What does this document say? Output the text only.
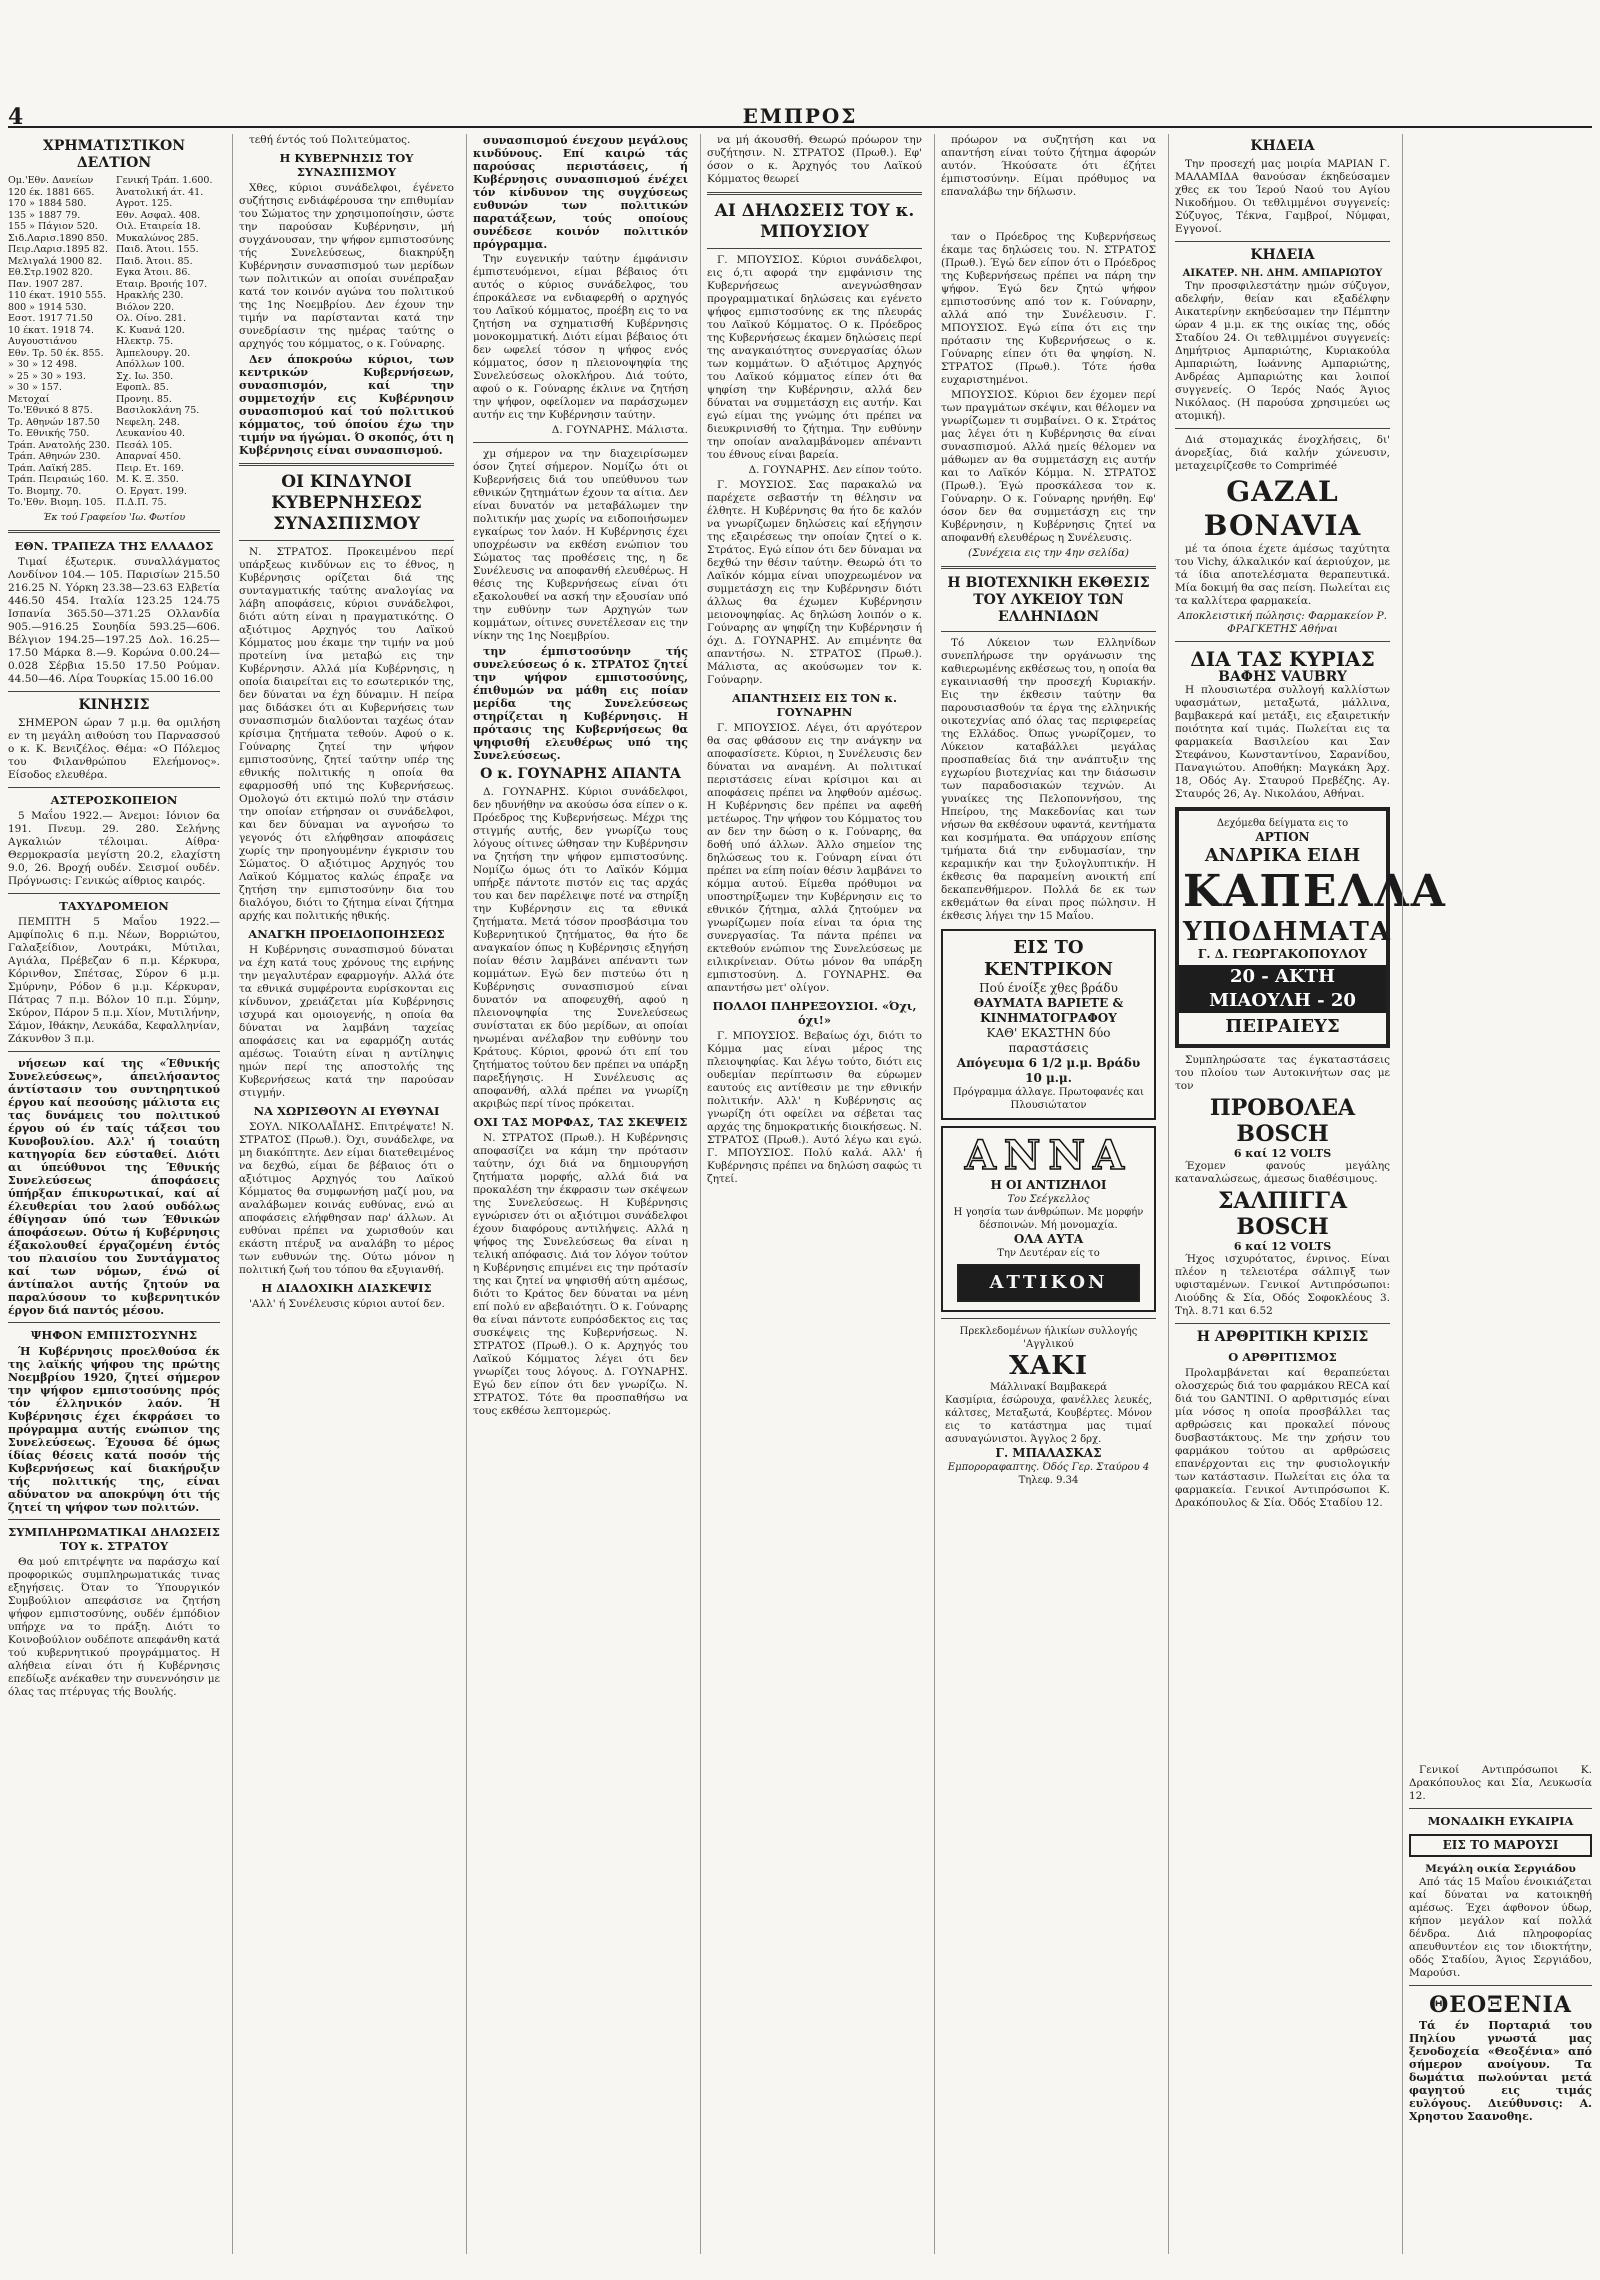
4	ΕΜΠΡΟΣ
ΧΡΗΜΑΤΙΣΤΙΚΟΝ ΔΕΛΤΙΟΝ
Ομ.'Εθν. Δανείων	Γενική Τράπ. 1.600.
120 έκ. 1881 665.	Άνατολική άτ. 41.
170 » 1884 580.	Αγροτ. 125.
135 » 1887 79.	Εθν. Ασφαλ. 408.
155 » Πάγιον 520.	Οιλ. Εταιρεία 18.
Σιδ.Λαρισ.1890 850. Μυκαλώνος 285.
Πειρ.Λαρισ.1895 82. Παιδ. Άτοιι. 155.
Μελιγαλά 1900 82.	Παιδ. Άτοιι. 85.
Εθ.Στρ.1902 820.	Εγκα Άτοιι. 86.
Παν. 1907 287.	Εταιρ. Βροιής 107.
110 έκατ. 1910 555.	Ηρακλής 230.
800 » 1914 530.	Βιόλον 220.
Εσοτ. 1917 71.50	Ολ. Οίνο. 281.
10 έκατ. 1918 74.	Κ. Κυανά 120.
Αυγουστιάνου	Ηλεκτρ. 75.
Εθν. Τρ. 50 έκ. 855.	Άμπελουργ. 20.
» 30 » 12 498.	Απόλλων 100.
» 25 » 30 » 193.	Σχ. Ιω. 350.
» 30 » 157.	Εφοπλ. 85.
Μετοχαί	Προνηι. 85.
Το.'Εθνικό 8 875.	Βασιλοκλάνη 75.
Τρ. Αθηνών 187.50	Νεφελη. 248.
Το. Εθνικής 750.	Λευκανίου 40.
Τράπ. Ανατολής 230. Πεσάλ 105.
Τράπ. Αθηνών 230.	Απαρναί 450.
Τράπ. Λαϊκή 285.	Πειρ. Ετ. 169.
Τράπ. Πειραιώς 160. Μ. Κ. Ξ. 350.
Το. Βιομηχ. 70.	Ο. Εργατ. 199.
Το.'Εθν. Βιομη. 105.	Π.Δ.Π. 75.
Έκ τού Γραφείου 'Ιω. Φωτίου
ΕΘΝ. ΤΡΑΠΕΖΑ ΤΗΣ ΕΛΛΑΔΟΣ

Τιμαί έξωτερικ. συναλλάγματος Λονδίνον 104.— 105. Παρισίων 215.50 216.25 Ν. Υόρκη 23.38—23.63 Ελβετία 446.50 454. Ιταλία 123.25 124.75 Ισπανία 365.50—371.25 Ολλανδία 905.—916.25 Σουηδία 593.25—606. Βέλγιον 194.25—197.25 Δολ. 16.25—17.50 Μάρκα 8.—9. Κορώνα 0.00.24—0.028 Σέρβια 15.50 17.50 Ρούμαν. 44.50—46. Λίρα Τουρκίας 15.00 16.00

ΚΙΝΗΣΙΣ

ΣΗΜΕΡΟΝ ώραν 7 μ.μ. θα ομιλήση εν τη μεγάλη αιθούση του Παρνασσού ο κ. Κ. Βενιζέλος. Θέμα: «Ο Πόλεμος του Φιλανθρώπου Ελεήμονος». Είσοδος ελευθέρα.

ΑΣΤΕΡΟΣΚΟΠΕΙΟΝ

5 Μαΐου 1922.— Άνεμοι: Ιόνιον 6α 191. Πνευμ. 29. 280. Σελήνης Αγκαλιών τέλοιμαι. Αίθρα· Θερμοκρασία μεγίστη 20.2, ελαχίστη 9.0, 26. Βροχή ουδέν. Σεισμοί ουδέν. Πρόγνωσις: Γενικώς αίθριος καιρός.

ΤΑΧΥΔΡΟΜΕΙΟΝ

ΠΕΜΠΤΗ 5 Μαΐου 1922.— Αμφίπολις 6 π.μ. Νέων, Βορριώτου, Γαλαξείδιον, Λουτράκι, Μύτιλαι, Αγιάλα, Πρέβεζαν 6 π.μ. Κέρκυρα, Κόρινθον, Σπέτσας, Σύρον 6 μ.μ. Σμύρνην, Ρόδον 6 μ.μ. Κέρκυραν, Πάτρας 7 π.μ. Βόλον 10 π.μ. Σύμην, Σκύρον, Πάρον 5 π.μ. Χίον, Μυτιλήνην, Σάμον, Ιθάκην, Λευκάδα, Κεφαλληνίαν, Ζάκυνθον 3 π.μ.

νήσεων καί της «Έθνικής Συνελεύσεως», άπειλήσαντος άντίστασιν του συντηρητικού έργου καί πεσούσης μάλιστα εις τας δυνάμεις του πολιτικού έργου ού έν ταίς τάξεσι του Κυνοβουλίου. Αλλ' ή τοιαύτη κατηγορία δεν εύσταθεί. Διότι αι ύπεύθυνοι της Έθνικής Συνελεύσεως άποφάσεις ύπήρξαν έπικυρωτικαί, καί αί έλευθερίαι του λαού ουδόλως έθίγησαν ύπό των Έθνικών άποφάσεων. Ούτω ή Κυβέρνησις έξακολουθεί έργαζομένη έντός του πλαισίου του Συντάγματος καί των νόμων, ένώ οί άντίπαλοι αυτής ζητούν να παραλύσουν το κυβερνητικόν έργον διά παντός μέσου.

ΨΗΦΟΝ ΕΜΠΙΣΤΟΣΥΝΗΣ

Ή Κυβέρνησις προελθούσα έκ της λαϊκής ψήφου της πρώτης Νοεμβρίου 1920, ζητεί σήμερον την ψήφον εμπιστοσύνης πρός τόν έλληνικόν λαόν. Ή Κυβέρνησις έχει έκφράσει το πρόγραμμα αυτής ενώπιον της Συνελεύσεως. Έχουσα δέ όμως ίδίας θέσεις κατά ποσόν τής Κυβερνήσεως καί διακήρυξιν τής πολιτικής της, είναι αδύνατον να αποκρύψη ότι τής ζητεί τη ψήφον των πολιτών.

ΣΥΜΠΛΗΡΩΜΑΤΙΚΑΙ ΔΗΛΩΣΕΙΣ ΤΟΥ κ. ΣΤΡΑΤΟΥ

Θα μού επιτρέψητε να παράσχω καί προφορικώς συμπληρωματικάς τινας εξηγήσεις. Όταν το Ύπουργικόν Συμβούλιον απεφάσισε να ζητήση ψήφον εμπιστοσύνης, ουδέν έμπόδιον υπήρχε να το πράξη. Διότι το Κοινοβούλιον ουδέποτε απεφάνθη κατά τού κυβερνητικού προγράμματος. Η αλήθεια είναι ότι ή Κυβέρνησις επεδίωξε ανέκαθεν την συνεννόησιν με όλας τας πτέρυγας τής Βουλής.

τεθή έντός τού Πολιτεύματος.

Η ΚΥΒΕΡΝΗΣΙΣ ΤΟΥ ΣΥΝΑΣΠΙΣΜΟΥ

Χθες, κύριοι συνάδελφοι, έγένετο συζήτησις ενδιάφέρουσα την επιθυμίαν του Σώματος την χρησιμοποίησιν, ώστε την παρούσαν Κυβέρνησιν, μή συγχάνουσαν, την ψήφον εμπιστοσύνης τής Συνελεύσεως, διακηρύξη Κυβέρνησιν συνασπισμού των μερίδων των πολιτικών αι οποίαι συνέπραξαν κατά τον κοινόν αγώνα του πολιτικού της 1ης Νοεμβρίου. Δεν έχουν την τιμήν να παρίστανται κατά την συνεδρίασιν της ημέρας ταύτης ο αρχηγός του κόμματος, ο κ. Γούναρης.

Δεν άποκρούω κύριοι, των κεντρικών Κυβερνήσεων, συνασπισμόν, καί την συμμετοχήν εις Κυβέρνησιν συνασπισμού καί τού πολιτικού κόμματος, τού όποίου έχω την τιμήν να ήγώμαι. Ό σκοπός, ότι η Κυβέρνησις είναι συνασπισμού.

ΟΙ ΚΙΝΔΥΝΟΙ ΚΥΒΕΡΝΗΣΕΩΣ ΣΥΝΑΣΠΙΣΜΟΥ

Ν. ΣΤΡΑΤΟΣ. Προκειμένου περί υπάρξεως κινδύνων εις το έθνος, η Κυβέρνησις ορίζεται διά της συνταγματικής ταύτης αναλογίας να λάβη αποφάσεις, κύριοι συνάδελφοι, διότι αύτη είναι η πραγματικότης. Ο αξιότιμος Αρχηγός του Λαϊκού Κόμματος μου έκαμε την τιμήν να μού προτείνη ίνα μεταβώ εις την Κυβέρνησιν. Αλλά μία Κυβέρνησις, η οποία διαιρείται εις το εσωτερικόν της, δεν δύναται να έχη δύναμιν. Η πείρα μας διδάσκει ότι αι Κυβερνήσεις των συνασπισμών διαλύονται ταχέως όταν κρίσιμα ζητήματα τεθούν. Αφού ο κ. Γούναρης ζητεί την ψήφον εμπιστοσύνης, ζητεί ταύτην υπέρ της εθνικής πολιτικής η οποία θα εφαρμοσθή υπό της Κυβερνήσεως. Ομολογώ ότι εκτιμώ πολύ την στάσιν την οποίαν ετήρησαν οι συνάδελφοι, και δεν δύναμαι να αγνοήσω το γεγονός ότι ελήφθησαν αποφάσεις χωρίς την προηγουμένην έγκρισιν του Σώματος. Ό αξιότιμος Αρχηγός του Λαϊκού Κόμματος καλώς έπραξε να ζητήση την εμπιστοσύνην δια του διαλόγου, διότι το ζήτημα είναι ζήτημα αρχής και πολιτικής ηθικής.

ΑΝΑΓΚΗ ΠΡΟΕΙΔΟΠΟΙΗΣΕΩΣ

Η Κυβέρνησις συνασπισμού δύναται να έχη κατά τους χρόνους της ειρήνης την μεγαλυτέραν εφαρμογήν. Αλλά ότε τα εθνικά συμφέροντα ευρίσκονται εις κίνδυνον, χρειάζεται μία Κυβέρνησις ισχυρά και ομοιογενής, η οποία θα δύναται να λαμβάνη ταχείας αποφάσεις και να εφαρμόζη αυτάς αμέσως. Τοιαύτη είναι η αντίληψις ημών περί της αποστολής της Κυβερνήσεως κατά την παρούσαν στιγμήν.

ΝΑ ΧΩΡΙΣΘΟΥΝ ΑΙ ΕΥΘΥΝΑΙ

ΣΟΥΛ. ΝΙΚΟΛΑΪΔΗΣ. Επιτρέψατε! Ν. ΣΤΡΑΤΟΣ (Πρωθ.). Όχι, συνάδελφε, να μη διακόπτητε. Δεν είμαι διατεθειμένος να δεχθώ, είμαι δε βέβαιος ότι ο αξιότιμος Αρχηγός του Λαϊκού Κόμματος θα συμφωνήση μαζί μου, να αναλάβωμεν κοινάς ευθύνας, ενώ αι αποφάσεις ελήφθησαν παρ' άλλων. Αι ευθύναι πρέπει να χωρισθούν και εκάστη πτέρυξ να αναλάβη το μέρος των ευθυνών της. Ούτω μόνον η πολιτική ζωή του τόπου θα εξυγιανθή.

Η ΔΙΑΔΟΧΙΚΗ ΔΙΑΣΚΕΨΙΣ

'Αλλ' ή Συνέλευσις κύριοι αυτοί δεν.

συνασπισμού ένεχουν μεγάλους κινδύνους. Επί καιρώ τάς παρούσας περιστάσεις, ή Κυβέρνησις συνασπισμού ένέχει τόν κίνδυνον της συγχύσεως ευθυνών των πολιτικών παρατάξεων, τούς οποίους συνέδεσε κοινόν πολιτικόν πρόγραμμα.

Την ευγενικήν ταύτην έμφάνισιν έμπιστευόμενοι, είμαι βέβαιος ότι αυτός ο κύριος συνάδελφος, του έπροκάλεσε να ενδιαφερθή ο αρχηγός του Λαϊκού κόμματος, προέβη εις το να ζητήση να σχηματισθή Κυβέρνησις μονοκομματική. Διότι είμαι βέβαιος ότι δεν ωφελεί τόσον η ψήφος ενός κόμματος, όσον η πλειονοψηφία της Συνελεύσεως ολοκλήρου. Διά τούτο, αφού ο κ. Γούναρης έκλινε να ζητήση την ψήφον, οφείλομεν να παράσχωμεν αυτήν εις την Κυβέρνησιν ταύτην.

Δ. ΓΟΥΝΑΡΗΣ. Μάλιστα.

χμ σήμερον να την διαχειρίσωμεν όσον ζητεί σήμερον. Νομίζω ότι οι Κυβερνήσεις διά του υπεύθυνου των εθνικών ζητημάτων έχουν τα αίτια. Δεν είναι δυνατόν να μεταβάλωμεν την πολιτικήν μας χωρίς να ειδοποιήσωμεν εγκαίρως τον λαόν. Η Κυβέρνησις έχει υποχρέωσιν να εκθέση ενώπιον του Σώματος τας προθέσεις της, η δε Συνέλευσις να αποφανθή ελευθέρως. Η θέσις της Κυβερνήσεως είναι ότι εξακολουθεί να ασκή την εξουσίαν υπό την ευθύνην των Αρχηγών των κομμάτων, οίτινες συνετέλεσαν εις την νίκην της 1ης Νοεμβρίου.

την έμπιστοσύνην τής συνελεύσεως ό κ. ΣΤΡΑΤΟΣ ζητεί την ψήφον εμπιστοσύνης, έπιθυμών να μάθη εις ποίαν μερίδα της Συνελεύσεως στηρίζεται η Κυβέρνησις. Η πρότασις της Κυβερνήσεως θα ψηφισθή ελευθέρως υπό της Συνελεύσεως.

Ο κ. ΓΟΥΝΑΡΗΣ ΑΠΑΝΤΑ

Δ. ΓΟΥΝΑΡΗΣ. Κύριοι συνάδελφοι, δεν ηδυνήθην να ακούσω όσα είπεν ο κ. Πρόεδρος της Κυβερνήσεως. Μέχρι της στιγμής αυτής, δεν γνωρίζω τους λόγους οίτινες ώθησαν την Κυβέρνησιν να ζητήση την ψήφον εμπιστοσύνης. Νομίζω όμως ότι το Λαϊκόν Κόμμα υπήρξε πάντοτε πιστόν εις τας αρχάς του και δεν παρέλειψε ποτέ να στηρίξη την Κυβέρνησιν εις τα εθνικά ζητήματα. Μετά τόσον προσβάσιμα του Κυβερνητικού ζητήματος, θα ήτο δε αναγκαίον όπως η Κυβέρνησις εξηγήση ποίαν θέσιν λαμβάνει απέναντι των κομμάτων. Εγώ δεν πιστεύω ότι η Κυβέρνησις συνασπισμού είναι δυνατόν να αποφευχθή, αφού η πλειονοψηφία της Συνελεύσεως συνίσταται εκ δύο μερίδων, αι οποίαι ηνωμέναι ανέλαβον την ευθύνην του Κράτους. Κύριοι, φρονώ ότι επί του ζητήματος τούτου δεν πρέπει να υπάρξη παρεξήγησις. Η Συνέλευσις ας αποφανθή, αλλά πρέπει να γνωρίζη ακριβώς περί τίνος πρόκειται.

ΟΧΙ ΤΑΣ ΜΟΡΦΑΣ, ΤΑΣ ΣΚΕΨΕΙΣ

Ν. ΣΤΡΑΤΟΣ (Πρωθ.). Η Κυβέρνησις αποφασίζει να κάμη την πρότασιν ταύτην, όχι διά να δημιουργήση ζητήματα μορφής, αλλά διά να προκαλέση την έκφρασιν των σκέψεων της Συνελεύσεως. Η Κυβέρνησις εγνώρισεν ότι οι αξιότιμοι συνάδελφοι έχουν διαφόρους αντιλήψεις. Αλλά η ψήφος της Συνελεύσεως θα είναι η τελική απόφασις. Διά τον λόγον τούτον η Κυβέρνησις επιμένει εις την πρότασίν της και ζητεί να ψηφισθή αύτη αμέσως, διότι το Κράτος δεν δύναται να μένη επί πολύ εν αβεβαιότητι. Ό κ. Γούναρης θα είναι πάντοτε ευπρόσδεκτος εις τας συσκέψεις της Κυβερνήσεως. Ν. ΣΤΡΑΤΟΣ (Πρωθ.). Ο κ. Αρχηγός του Λαϊκού Κόμματος λέγει ότι δεν γνωρίζει τους λόγους. Δ. ΓΟΥΝΑΡΗΣ. Εγώ δεν είπον ότι δεν γνωρίζω. Ν. ΣΤΡΑΤΟΣ. Τότε θα προσπαθήσω να τους εκθέσω λεπτομερώς.

να μή άκουσθή. Θεωρώ πρόωρον την συζήτησιν. Ν. ΣΤΡΑΤΟΣ (Πρωθ.). Εφ' όσον ο κ. Άρχηγός του Λαϊκού Κόμματος θεωρεί

ΑΙ ΔΗΛΩΣΕΙΣ ΤΟΥ κ. ΜΠΟΥΣΙΟΥ

Γ. ΜΠΟΥΣΙΟΣ. Κύριοι συνάδελφοι, εις ό,τι αφορά την εμφάνισιν της Κυβερνήσεως ανεγνώσθησαν προγραμματικαί δηλώσεις και εγένετο ψήφος εμπιστοσύνης εκ της πλευράς του Λαϊκού Κόμματος. Ο κ. Πρόεδρος της Κυβερνήσεως έκαμεν δηλώσεις περί της αναγκαιότητος συνεργασίας όλων των κομμάτων. Ό αξιότιμος Αρχηγός του Λαϊκού κόμματος είπεν ότι θα ψηφίση την Κυβέρνησιν, αλλά δεν δύναται να συμμετάσχη εις αυτήν. Και εγώ είμαι της γνώμης ότι πρέπει να διευκρινισθή το ζήτημα. Την ευθύνην την οποίαν αναλαμβάνομεν απέναντι του έθνους είναι βαρεία.

Δ. ΓΟΥΝΑΡΗΣ. Δεν είπον τούτο.

Γ. ΜΟΥΣΙΟΣ. Σας παρακαλώ να παρέχετε σεβαστήν τη θέλησιν να έλθητε. Η Κυβέρνησις θα ήτο δε καλόν να γνωρίζωμεν δηλώσεις καί εξήγησιν της εξαιρέσεως την οποίαν ζητεί ο κ. Στράτος. Εγώ είπον ότι δεν δύναμαι να δεχθώ την θέσιν ταύτην. Θεωρώ ότι το Λαϊκόν κόμμα είναι υποχρεωμένον να συμμετάσχη εις την Κυβέρνησιν διότι άλλως θα έχωμεν Κυβέρνησιν μειονοψηφίας. Ας δηλώση λοιπόν ο κ. Γούναρης αν ψηφίζη την Κυβέρνησιν ή όχι. Δ. ΓΟΥΝΑΡΗΣ. Αν επιμένητε θα απαντήσω. Ν. ΣΤΡΑΤΟΣ (Πρωθ.). Μάλιστα, ας ακούσωμεν τον κ. Γούναρην.

ΑΠΑΝΤΗΣΕΙΣ ΕΙΣ ΤΟΝ κ. ΓΟΥΝΑΡΗΝ

Γ. ΜΠΟΥΣΙΟΣ. Λέγει, ότι αργότερον θα σας φθάσουν εις την ανάγκην να αποφασίσετε. Κύριοι, η Συνέλευσις δεν δύναται να αναμένη. Αι πολιτικαί περιστάσεις είναι κρίσιμοι και αι αποφάσεις πρέπει να ληφθούν αμέσως. Η Κυβέρνησις δεν πρέπει να αφεθή μετέωρος. Την ψήφον του Κόμματος του αν δεν την δώση ο κ. Γούναρης, θα δοθή υπό άλλων. Άλλο σημείον της δηλώσεως του κ. Γούναρη είναι ότι πρέπει να είπη ποίαν θέσιν λαμβάνει το κόμμα αυτού. Είμεθα πρόθυμοι να υποστηρίξωμεν την Κυβέρνησιν εις το εθνικόν ζήτημα, αλλά ζητούμεν να γνωρίζωμεν ποία είναι τα όρια της συνεργασίας. Τα πάντα πρέπει να εκτεθούν ενώπιον της Συνελεύσεως με ειλικρίνειαν. Ούτω μόνον θα υπάρξη εμπιστοσύνη. Δ. ΓΟΥΝΑΡΗΣ. Θα απαντήσω μετ' ολίγον.

ΠΟΛΛΟΙ ΠΛΗΡΕΞΟΥΣΙΟΙ. «Όχι, όχι!»

Γ. ΜΠΟΥΣΙΟΣ. Βεβαίως όχι, διότι το Κόμμα μας είναι μέρος της πλειοψηφίας. Και λέγω τούτο, διότι εις ουδεμίαν περίπτωσιν θα εύρωμεν εαυτούς εις αντίθεσιν με την εθνικήν πολιτικήν. Αλλ' η Κυβέρνησις ας γνωρίζη ότι οφείλει να σέβεται τας αρχάς της δημοκρατικής διοικήσεως. Ν. ΣΤΡΑΤΟΣ (Πρωθ.). Αυτό λέγω και εγώ. Γ. ΜΠΟΥΣΙΟΣ. Πολύ καλά. Αλλ' ή Κυβέρνησις πρέπει να δηλώση σαφώς τι ζητεί.

πρόωρον να συζητήση και να απαντήση είναι τούτο ζήτημα άφορών αυτόν. Ήκούσατε ότι έζήτει έμπιστοσύνην. Είμαι πρόθυμος να επαναλάβω την δήλωσιν.

ταν ο Πρόεδρος της Κυβερνήσεως έκαμε τας δηλώσεις του. Ν. ΣΤΡΑΤΟΣ (Πρωθ.). Έγώ δεν είπον ότι ο Πρόεδρος της Κυβερνήσεως πρέπει να πάρη την ψήφον. Έγώ δεν ζητώ ψήφον εμπιστοσύνης από τον κ. Γούναρην, αλλά από την Συνέλευσιν. Γ. ΜΠΟΥΣΙΟΣ. Εγώ είπα ότι εις την πρότασιν της Κυβερνήσεως ο κ. Γούναρης είπεν ότι θα ψηφίση. Ν. ΣΤΡΑΤΟΣ (Πρωθ.). Τότε ήσθα ευχαριστημένοι.

ΜΠΟΥΣΙΟΣ. Κύριοι δεν έχομεν περί των πραγμάτων σκέψιν, και θέλομεν να γνωρίζωμεν τι συμβαίνει. Ο κ. Στράτος μας λέγει ότι η Κυβέρνησις θα είναι συνασπισμού. Αλλά ημείς θέλομεν να μάθωμεν αν θα συμμετάσχη εις αυτήν και το Λαϊκόν Κόμμα. Ν. ΣΤΡΑΤΟΣ (Πρωθ.). Έγώ προσκάλεσα τον κ. Γούναρην. Ο κ. Γούναρης ηρνήθη. Εφ' όσον δεν θα συμμετάσχη εις την Κυβέρνησιν, η Κυβέρνησις ζητεί να αποφανθή ελευθέρως η Συνέλευσις.

(Συνέχεια εις την 4ην σελίδα)

Η ΒΙΟΤΕΧΝΙΚΗ ΕΚΘΕΣΙΣ ΤΟΥ ΛΥΚΕΙΟΥ ΤΩΝ ΕΛΛΗΝΙΔΩΝ

Τό Λύκειον των Ελληνίδων συνεπλήρωσε την οργάνωσιν της καθιερωμένης εκθέσεως του, η οποία θα εγκαινιασθή την προσεχή Κυριακήν. Εις την έκθεσιν ταύτην θα παρουσιασθούν τα έργα της ελληνικής οικοτεχνίας από όλας τας περιφερείας της Ελλάδος. Όπως γνωρίζομεν, το Λύκειον καταβάλλει μεγάλας προσπαθείας διά την ανάπτυξιν της εγχωρίου βιοτεχνίας και την διάσωσιν των παραδοσιακών τεχνών. Αι γυναίκες της Πελοποννήσου, της Ηπείρου, της Μακεδονίας και των νήσων θα εκθέσουν υφαντά, κεντήματα και κοσμήματα. Θα υπάρχουν επίσης τμήματα διά την ενδυμασίαν, την κεραμικήν και την ξυλογλυπτικήν. Η έκθεσις θα παραμείνη ανοικτή επί δεκαπενθήμερον. Πολλά δε εκ των εκθεμάτων θα είναι προς πώλησιν. Η έκθεσις λήγει την 15 Μαΐου.

ΕΙΣ ΤΟ ΚΕΝΤΡΙΚΟΝ
Πού ένοίξε χθες βράδυ
ΘΑΥΜΑΤΑ ΒΑΡΙΕΤΕ & ΚΙΝΗΜΑΤΟΓΡΑΦΟΥ
ΚΑΘ' ΕΚΑΣΤΗΝ δύο παραστάσεις
Απόγευμα 6 1/2 μ.μ. Βράδυ 10 μ.μ.
Πρόγραμμα άλλαγε. Πρωτοφανές και Πλουσιώτατον
ΑΝΝΑ
Η ΟΙ ΑΝΤΙΖΗΛΟΙ
Του Σεέγκελλος
Η γοησία των άνθρώπων. Με μορφήν δέσποινών. Μή μονομαχία.
ΟΛΑ ΑΥΤΑ
Την Δευτέραν είς το
ΑΤΤΙΚΟΝ
Πρεκλεδομένων ήλικίων συλλογής 'Αγγλικού
ΧΑΚΙ
Μάλλινακί Βαμβακερά
Κασμίρια, έσώρουχα, φανέλλες λευκές, κάλτσες, Μεταξωτά, Κουβέρτες. Μόνον εις το κατάστημα μας τιμαί ασυναγώνιστοι. Άγγλος 2 δρχ.
Γ. ΜΠΑΛΑΣΚΑΣ
Εμποροραφαπτης. Όδός Γερ. Σταύρου 4
Τηλεφ. 9.34
ΚΗΔΕΙΑ

Την προσεχή μας μοιρία ΜΑΡΙΑΝ Γ. ΜΑΛΑΜΙΔΑ θανούσαν έκηδεύσαμεν χθες εκ του Ίερού Ναού του Αγίου Νικοδήμου. Οι τεθλιμμένοι συγγενείς: Σύζυγος, Τέκνα, Γαμβροί, Νύμφαι, Εγγονοί.

ΚΗΔΕΙΑ
ΑΙΚΑΤΕΡ. ΝΗ. ΔΗΜ. ΑΜΠΑΡΙΩΤΟΥ

Την προσφιλεστάτην ημών σύζυγον, αδελφήν, θείαν και εξαδέλφην Αικατερίνην εκηδεύσαμεν την Πέμπτην ώραν 4 μ.μ. εκ της οικίας της, οδός Σταδίου 24. Οι τεθλιμμένοι συγγενείς: Δημήτριος Αμπαριώτης, Κυριακούλα Αμπαριώτη, Ιωάννης Αμπαριώτης, Ανδρέας Αμπαριώτης και λοιποί συγγενείς. Ο Ίερός Ναός Άγιος Νικόλαος. (Η παρούσα χρησιμεύει ως ατομική).

Διά στομαχικάς ένοχλήσεις, δι' άνορεξίας, διά καλήν χώνευσιν, μεταχειρίζεσθε το Compriméé

GAZAL BONAVIA

μέ τα όποια έχετε άμέσως ταχύτητα του Vichy, άλκαλικόν καί άεριούχον, με τά ίδια αποτελέσματα θεραπευτικά. Μία δοκιμή θα σας πείση. Πωλείται εις τα καλλίτερα φαρμακεία.

Αποκλειστική πώλησις: Φαρμακείον Ρ. ΦΡΑΓΚΕΤΗΣ Αθήναι

ΔΙΑ ΤΑΣ ΚΥΡΙΑΣ
ΒΑΦΗΣ VAUBRY

Η πλουσιωτέρα συλλογή καλλίστων υφασμάτων, μεταξωτά, μάλλινα, βαμβακερά καί μετάξι, εις εξαιρετικήν ποιότητα καί τιμάς. Πωλείται εις τα φαρμακεία Βασιλείου και Σαν Στεφάνου, Κωνσταντίνου, Σαρανίδου, Παναγιώτου. Αποθήκη: Μαγκάκη Άρχ. 18, Οδός Αγ. Σταυρού Πρεβέζης. Αγ. Σταυρός 26, Αγ. Νικολάου, Αθήναι.

Δεχόμεθα δείγματα εις το
ΑΡΤΙΟΝ
ΑΝΔΡΙΚΑ ΕΙΔΗ
ΚΑΠΕΛΛΑ
ΥΠΟΔΗΜΑΤΑ
Γ. Δ. ΓΕΩΡΓΑΚΟΠΟΥΛΟΥ
20 - ΑΚΤΗ ΜΙΑΟΥΛΗ - 20
ΠΕΙΡΑΙΕΥΣ

Συμπληρώσατε τας έγκαταστάσεις του πλοίου των Αυτοκινήτων σας με τον

ΠΡΟΒΟΛΕΑ BOSCH
6 καί 12 VOLTS

Έχομεν φανούς μεγάλης καταναλώσεως, άμεσως διαθέσιμους.

ΣΑΛΠΙΓΓΑ BOSCH
6 καί 12 VOLTS

Ήχος ισχυρότατος, ένρινος. Είναι πλέον η τελειοτέρα σάλπιγξ των υφισταμένων. Γενικοί Αντιπρόσωποι: Λιούδης & Σία, Οδός Σοφοκλέους 3. Τηλ. 8.71 και 6.52

Η ΑΡΘΡΙΤΙΚΗ ΚΡΙΣΙΣ
Ο ΑΡΘΡΙΤΙΣΜΟΣ

Προλαμβάνεται καί θεραπεύεται ολοσχερώς διά του φαρμάκου RECA καί διά του GANTINI. Ο αρθριτισμός είναι μία νόσος η οποία προσβάλλει τας αρθρώσεις και προκαλεί πόνους δυσβαστάκτους. Με την χρήσιν του φαρμάκου τούτου αι αρθρώσεις επανέρχονται εις την φυσιολογικήν των κατάστασιν. Πωλείται εις όλα τα φαρμακεία. Γενικοί Αντιπρόσωποι Κ. Δρακόπουλος & Σία. Όδός Σταδίου 12.

Γενικοί Αντιπρόσωποι Κ. Δρακόπουλος και Σία, Λευκωσία 12.

ΜΟΝΑΔΙΚΗ ΕΥΚΑΙΡΙΑ
ΕΙΣ ΤΟ ΜΑΡΟΥΣΙ
Μεγάλη οικία Σεργιάδου

Από τάς 15 Μαΐου ένοικιάζεται καί δύναται να κατοικηθή αμέσως. Έχει άφθονον ύδωρ, κήπον μεγάλον καί πολλά δένδρα. Διά πληροφορίας απευθυντέον εις τον ιδιοκτήτην, οδός Σταδίου, Άγιος Σεργιάδου, Μαρούσι.

ΘΕΟΞΕΝΙΑ

Τά έν Πορταριά του Πηλίου γνωστά μας ξενοδοχεία «Θεοξένια» από σήμερον ανοίγουν. Τα δωμάτια πωλούνται μετά φαγητού εις τιμάς ευλόγους. Διεύθυνσις: Α. Χρηστου Σαανοθηε.
